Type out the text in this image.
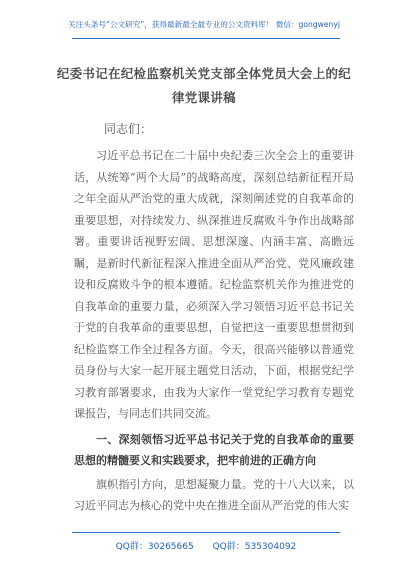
关注头条号“公文研究”，获得最新最全最专业的公文资料库！ 微信：gongwenyj
纪委书记在纪检监察机关党支部全体党员大会上的纪律党课讲稿
同志们：

习近平总书记在二十届中央纪委三次全会上的重要讲话，从统筹“两个大局”的战略高度，深刻总结新征程开局之年全面从严治党的重大成就，深刻阐述党的自我革命的重要思想，对持续发力、纵深推进反腐败斗争作出战略部署。重要讲话视野宏阔、思想深邃、内涵丰富、高瞻远瞩，是新时代新征程深入推进全面从严治党、党风廉政建设和反腐败斗争的根本遵循。纪检监察机关作为推进党的自我革命的重要力量，必须深入学习领悟习近平总书记关于党的自我革命的重要思想，自觉把这一重要思想贯彻到纪检监察工作全过程各方面。今天，很高兴能够以普通党员身份与大家一起开展主题党日活动，下面，根据党纪学习教育部署要求，由我为大家作一堂党纪学习教育专题党课报告，与同志们共同交流。

一、深刻领悟习近平总书记关于党的自我革命的重要思想的精髓要义和实践要求，把牢前进的正确方向

旗帜指引方向，思想凝聚力量。党的十八大以来，以习近平同志为核心的党中央在推进全面从严治党的伟大实

QQ群：30265665 QQ群：535304092
